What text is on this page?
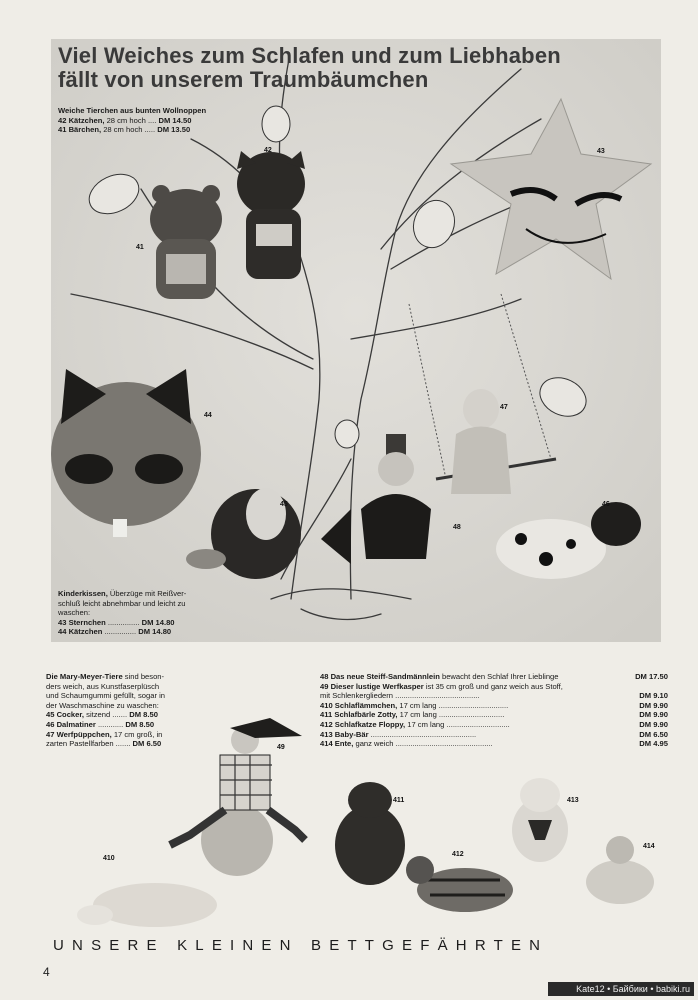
Viel Weiches zum Schlafen und zum Liebhaben
fällt von unserem Traumbäumchen
Weiche Tierchen aus bunten Wollnoppen
42 Kätzchen, 28 cm hoch .... DM 14.50
41 Bärchen, 28 cm hoch ..... DM 13.50
42	43
41
44
45
47
48
46
Kinderkissen, Überzüge mit Reißver-
schluß leicht abnehmbar und leicht zu
waschen:
43 Sternchen ............... DM 14.80
44 Kätzchen ............... DM 14.80
Die Mary-Meyer-Tiere sind beson-
ders weich, aus Kunstfaserplüsch
und Schaumgummi gefüllt, sogar in
der Waschmaschine zu waschen:
45 Cocker, sitzend ....... DM 8.50
46 Dalmatiner ............ DM 8.50
47 Werfpüppchen, 17 cm groß, in
zarten Pastellfarben ....... DM 6.50
48 Das neue Steiff-Sandmännlein bewacht den Schlaf Ihrer Lieblinge	DM 17.50
49 Dieser lustige Werfkasper ist 35 cm groß und ganz weich aus Stoff,
mit Schlenkergliedern ........................................	DM 9.10
410 Schlaflämmchen, 17 cm lang .................................	DM 9.90
411 Schlafbärle Zotty, 17 cm lang ...............................	DM 9.90
412 Schlafkatze Floppy, 17 cm lang ..............................	DM 9.90
413 Baby-Bär ..................................................	DM 6.50
414 Ente, ganz weich ..............................................	DM 4.95
49
411	413
414
410
412
UNSERE KLEINEN BETTGEFÄHRTEN
4
Kate12 • Байбики • babiki.ru
